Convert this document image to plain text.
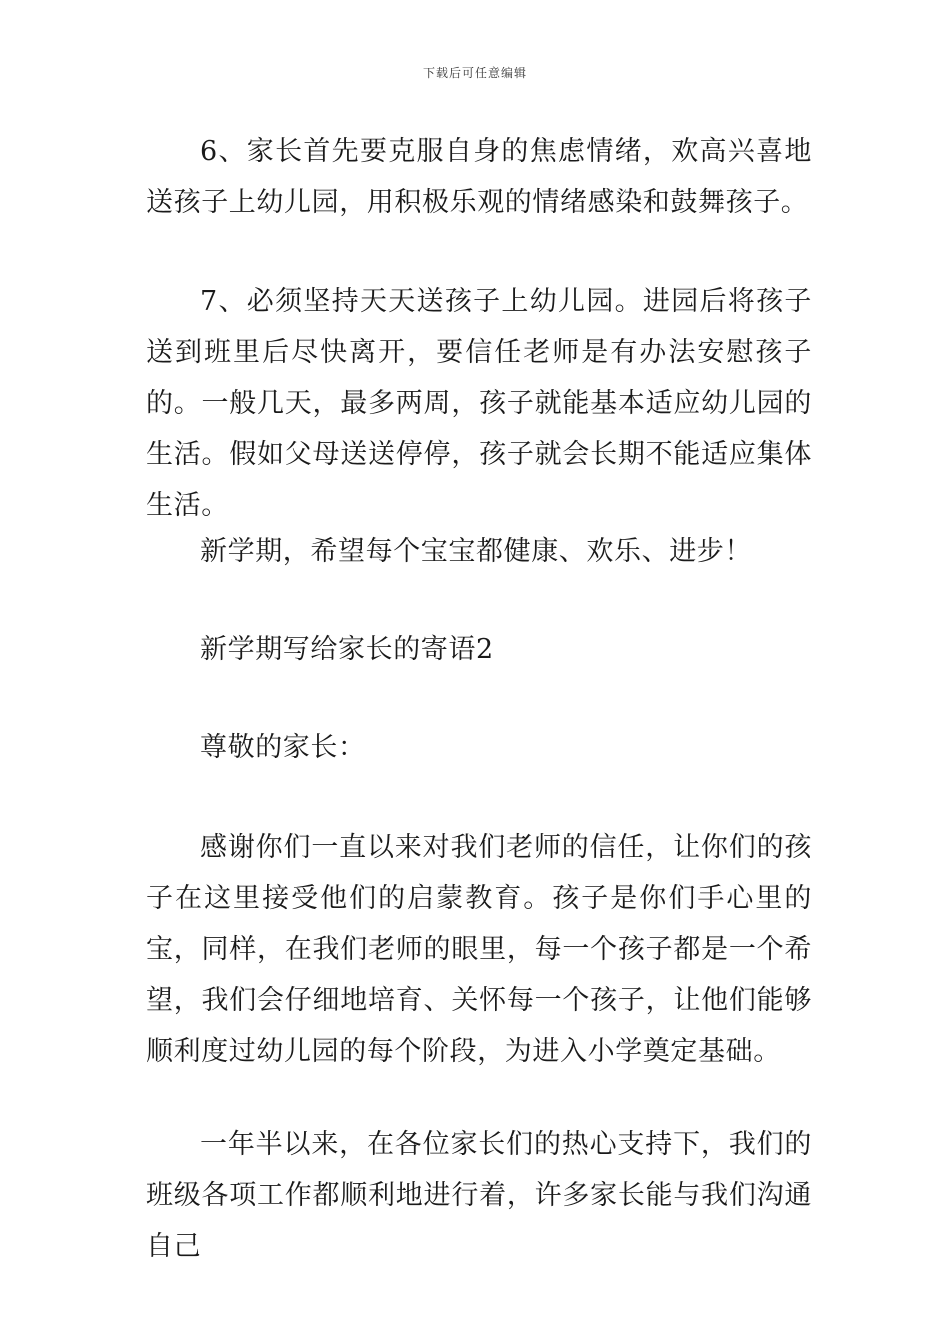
下载后可任意编辑

6、家长首先要克服自身的焦虑情绪，欢高兴喜地送孩子上幼儿园，用积极乐观的情绪感染和鼓舞孩子。

7、必须坚持天天送孩子上幼儿园。进园后将孩子送到班里后尽快离开，要信任老师是有办法安慰孩子的。一般几天，最多两周，孩子就能基本适应幼儿园的生活。假如父母送送停停，孩子就会长期不能适应集体生活。

新学期，希望每个宝宝都健康、欢乐、进步！

新学期写给家长的寄语2

尊敬的家长：

感谢你们一直以来对我们老师的信任，让你们的孩子在这里接受他们的启蒙教育。孩子是你们手心里的宝，同样，在我们老师的眼里，每一个孩子都是一个希望，我们会仔细地培育、关怀每一个孩子，让他们能够顺利度过幼儿园的每个阶段，为进入小学奠定基础。

一年半以来，在各位家长们的热心支持下，我们的班级各项工作都顺利地进行着，许多家长能与我们沟通自己
